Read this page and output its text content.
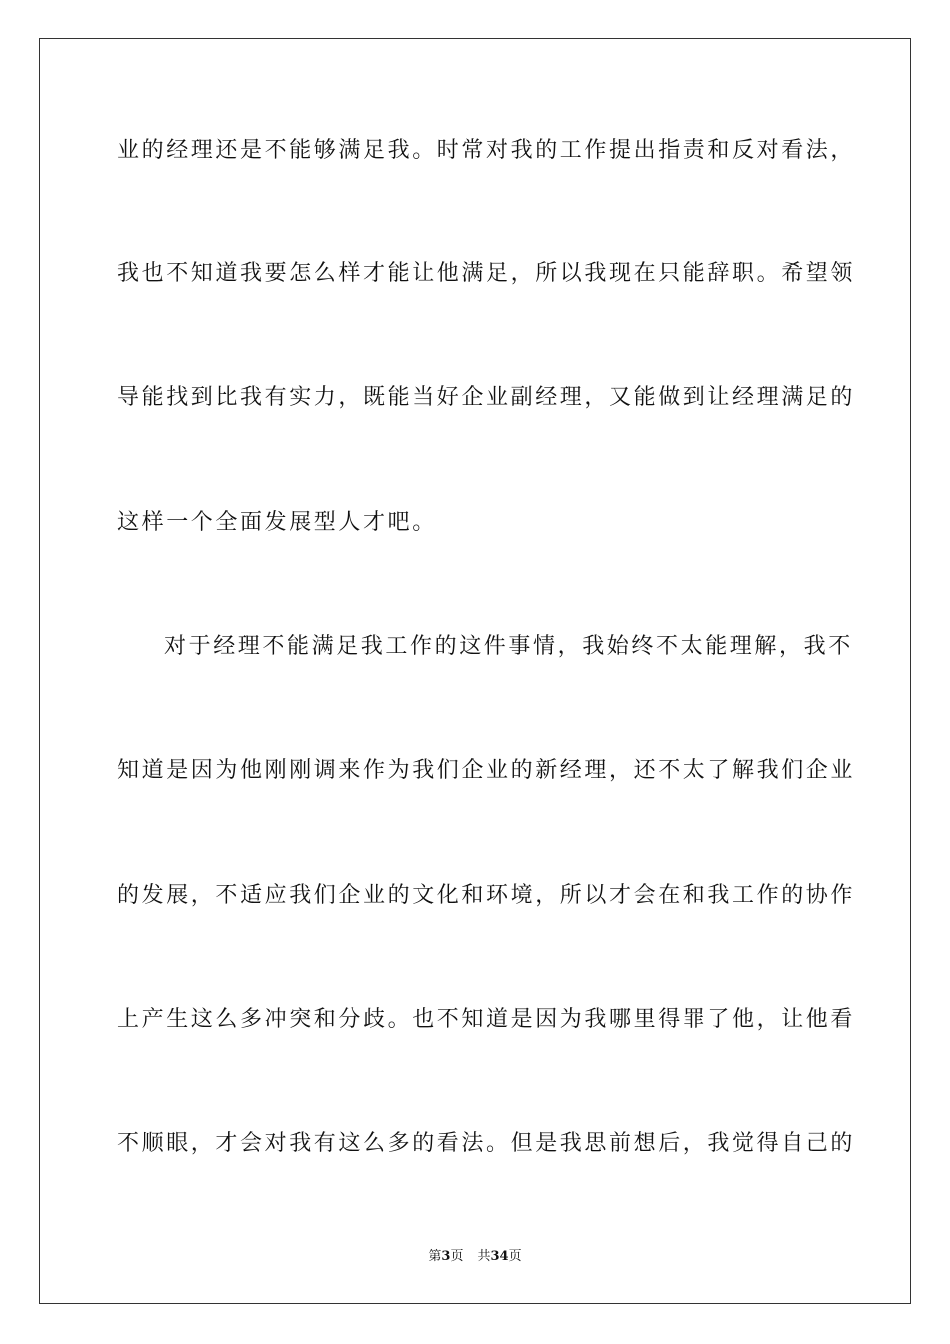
业的经理还是不能够满足我。时常对我的工作提出指责和反对看法，
我也不知道我要怎么样才能让他满足，所以我现在只能辞职。希望领
导能找到比我有实力，既能当好企业副经理，又能做到让经理满足的
这样一个全面发展型人才吧。
对于经理不能满足我工作的这件事情，我始终不太能理解，我不
知道是因为他刚刚调来作为我们企业的新经理，还不太了解我们企业
的发展，不适应我们企业的文化和环境，所以才会在和我工作的协作
上产生这么多冲突和分歧。也不知道是因为我哪里得罪了他，让他看
不顺眼，才会对我有这么多的看法。但是我思前想后，我觉得自己的
第3页 共34页
